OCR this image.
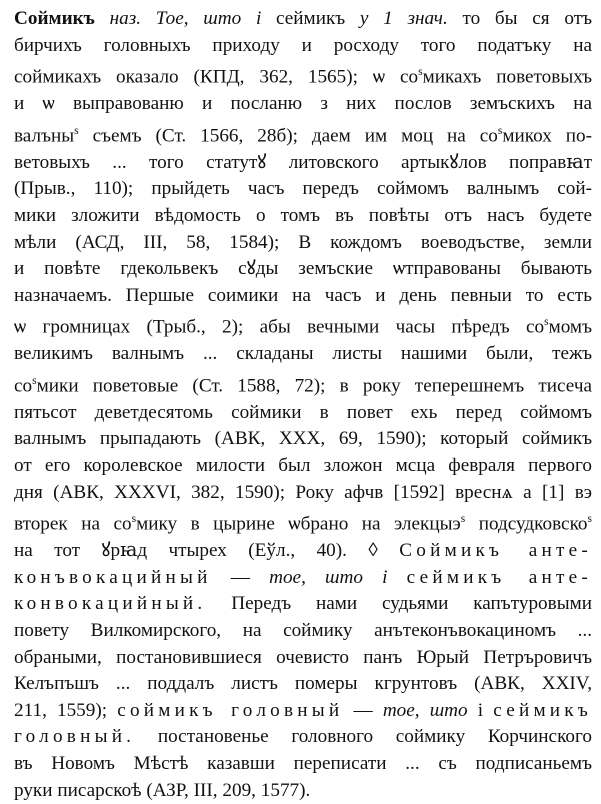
Соймикъ наз. Тое, што і сеймикъ у 1 знач. то бы ся отъ
бирчихъ головныхъ приходу и росходу того податъку на
соймикахъ оказало (КПД, 362, 1565); ѡ $со^sмикахъ$ поветовыхъ
и ѡ выправованю и посланю з них послов земъскихъ на
валъны$^s$ съемъ (Ст. 1566, 28б); даем им моц на $со^sмикох$ по-
ветовыхъ ... того статутꙋ литовского артыкꙋлов поправꙗт
(Прыв., 110); прыйдеть часъ передъ соймомъ валнымъ сой-
мики зложити вѣдомость о томъ въ повѣты отъ насъ будете
мѣли (АСД, III, 58, 1584); В кождомъ воеводъстве, земли
и повѣте гдекольвекъ сꙋды земъские ѡтправованы бывають
назначаемъ. Першые соимики на часъ и день певныи то есть
ѡ громницах (Трыб., 2); абы вечными часы пѣредъ $со^sмомъ$
великимъ валнымъ ... складаны листы нашими были, тежъ
$со^sмики$ поветовые (Ст. 1588, 72); в року теперешнемъ тисеча
пятьсот деветдесятомь соймики в повет ехь перед соймомъ
валнымъ прыпадають (АВК, XXX, 69, 1590); который соймикъ
от его королевское милости был зложон мсца февраля первого
дня (АВК, XXXVI, 382, 1590); Року афчв [1592] вреснѧ а [1] вэ
вторек на $со^sмику$ в цырине ѡбрано на элекцыэ$^s$ подсудковско$^s$
на тот ꙋрꙗд чтырех (Еўл., 40). ◊ Соймикъ анте-
конъвокацийный — тое, што і сеймикъ анте-
конвокацийный. Передъ нами судьями капътуровыми
повету Вилкомирского, на соймику анътеконъвокациномъ ...
обраными, постановившиеся очевисто панъ Юрый Петръровичъ
Келъпъшъ ... поддалъ листъ померы кгрунтовъ (АВК, XXIV,
211, 1559); соймикъ головный — тое, што і сеймикъ
головный. постановенье головного соймику Корчинского
въ Новомъ Мѣстѣ казавши переписати ... съ подписаньемъ
руки писарскоѣ (АЗР, III, 209, 1577).
